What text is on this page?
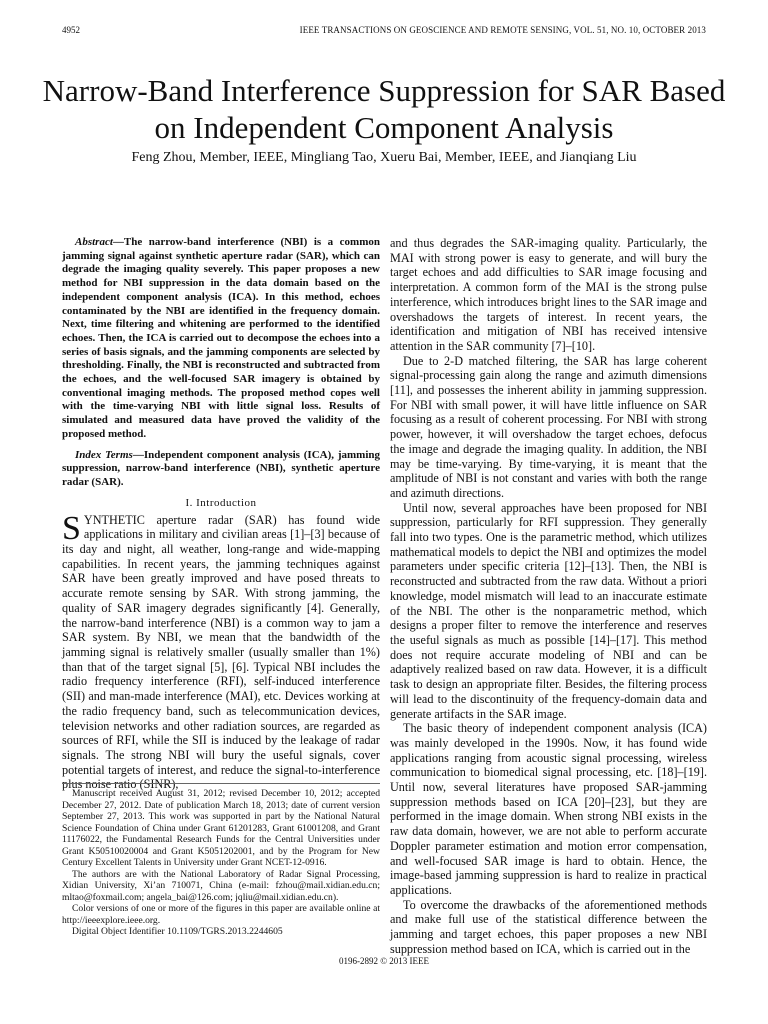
4952	IEEE TRANSACTIONS ON GEOSCIENCE AND REMOTE SENSING, VOL. 51, NO. 10, OCTOBER 2013
Narrow-Band Interference Suppression for SAR Based on Independent Component Analysis
Feng Zhou, Member, IEEE, Mingliang Tao, Xueru Bai, Member, IEEE, and Jianqiang Liu

Abstract—The narrow-band interference (NBI) is a common jamming signal against synthetic aperture radar (SAR), which can degrade the imaging quality severely. This paper proposes a new method for NBI suppression in the data domain based on the independent component analysis (ICA). In this method, echoes contaminated by the NBI are identified in the frequency domain. Next, time filtering and whitening are performed to the identified echoes. Then, the ICA is carried out to decompose the echoes into a series of basis signals, and the jamming components are selected by thresholding. Finally, the NBI is reconstructed and subtracted from the echoes, and the well-focused SAR imagery is obtained by conventional imaging methods. The proposed method copes well with the time-varying NBI with little signal loss. Results of simulated and measured data have proved the validity of the proposed method.

Index Terms—Independent component analysis (ICA), jamming suppression, narrow-band interference (NBI), synthetic aperture radar (SAR).

I. Introduction

SYNTHETIC aperture radar (SAR) has found wide applications in military and civilian areas [1]–[3] because of its day and night, all weather, long-range and wide-mapping capabilities. In recent years, the jamming techniques against SAR have been greatly improved and have posed threats to accurate remote sensing by SAR. With strong jamming, the quality of SAR imagery degrades significantly [4]. Generally, the narrow-band interference (NBI) is a common way to jam a SAR system. By NBI, we mean that the bandwidth of the jamming signal is relatively smaller (usually smaller than 1%) than that of the target signal [5], [6]. Typical NBI includes the radio frequency interference (RFI), self-induced interference (SII) and man-made interference (MAI), etc. Devices working at the radio frequency band, such as telecommunication devices, television networks and other radiation sources, are regarded as sources of RFI, while the SII is induced by the leakage of radar signals. The strong NBI will bury the useful signals, cover potential targets of interest, and reduce the signal-to-interference plus noise ratio (SINR),

Manuscript received August 31, 2012; revised December 10, 2012; accepted December 27, 2012. Date of publication March 18, 2013; date of current version September 27, 2013. This work was supported in part by the National Natural Science Foundation of China under Grant 61201283, Grant 61001208, and Grant 11176022, the Fundamental Research Funds for the Central Universities under Grant K50510020004 and Grant K5051202001, and by the Program for New Century Excellent Talents in University under Grant NCET-12-0916.

The authors are with the National Laboratory of Radar Signal Processing, Xidian University, Xi’an 710071, China (e-mail: fzhou@mail.xidian.edu.cn; mltao@foxmail.com; angela_bai@126.com; jqliu@mail.xidian.edu.cn).

Color versions of one or more of the figures in this paper are available online at http://ieeexplore.ieee.org.

Digital Object Identifier 10.1109/TGRS.2013.2244605

and thus degrades the SAR-imaging quality. Particularly, the MAI with strong power is easy to generate, and will bury the target echoes and add difficulties to SAR image focusing and interpretation. A common form of the MAI is the strong pulse interference, which introduces bright lines to the SAR image and overshadows the targets of interest. In recent years, the identification and mitigation of NBI has received intensive attention in the SAR community [7]–[10].

Due to 2-D matched filtering, the SAR has large coherent signal-processing gain along the range and azimuth dimensions [11], and possesses the inherent ability in jamming suppression. For NBI with small power, it will have little influence on SAR focusing as a result of coherent processing. For NBI with strong power, however, it will overshadow the target echoes, defocus the image and degrade the imaging quality. In addition, the NBI may be time-varying. By time-varying, it is meant that the amplitude of NBI is not constant and varies with both the range and azimuth directions.

Until now, several approaches have been proposed for NBI suppression, particularly for RFI suppression. They generally fall into two types. One is the parametric method, which utilizes mathematical models to depict the NBI and optimizes the model parameters under specific criteria [12]–[13]. Then, the NBI is reconstructed and subtracted from the raw data. Without a priori knowledge, model mismatch will lead to an inaccurate estimate of the NBI. The other is the nonparametric method, which designs a proper filter to remove the interference and reserves the useful signals as much as possible [14]–[17]. This method does not require accurate modeling of NBI and can be adaptively realized based on raw data. However, it is a difficult task to design an appropriate filter. Besides, the filtering process will lead to the discontinuity of the frequency-domain data and generate artifacts in the SAR image.

The basic theory of independent component analysis (ICA) was mainly developed in the 1990s. Now, it has found wide applications ranging from acoustic signal processing, wireless communication to biomedical signal processing, etc. [18]–[19]. Until now, several literatures have proposed SAR-jamming suppression methods based on ICA [20]–[23], but they are performed in the image domain. When strong NBI exists in the raw data domain, however, we are not able to perform accurate Doppler parameter estimation and motion error compensation, and well-focused SAR image is hard to obtain. Hence, the image-based jamming suppression is hard to realize in practical applications.

To overcome the drawbacks of the aforementioned methods and make full use of the statistical difference between the jamming and target echoes, this paper proposes a new NBI suppression method based on ICA, which is carried out in the

0196-2892 © 2013 IEEE
